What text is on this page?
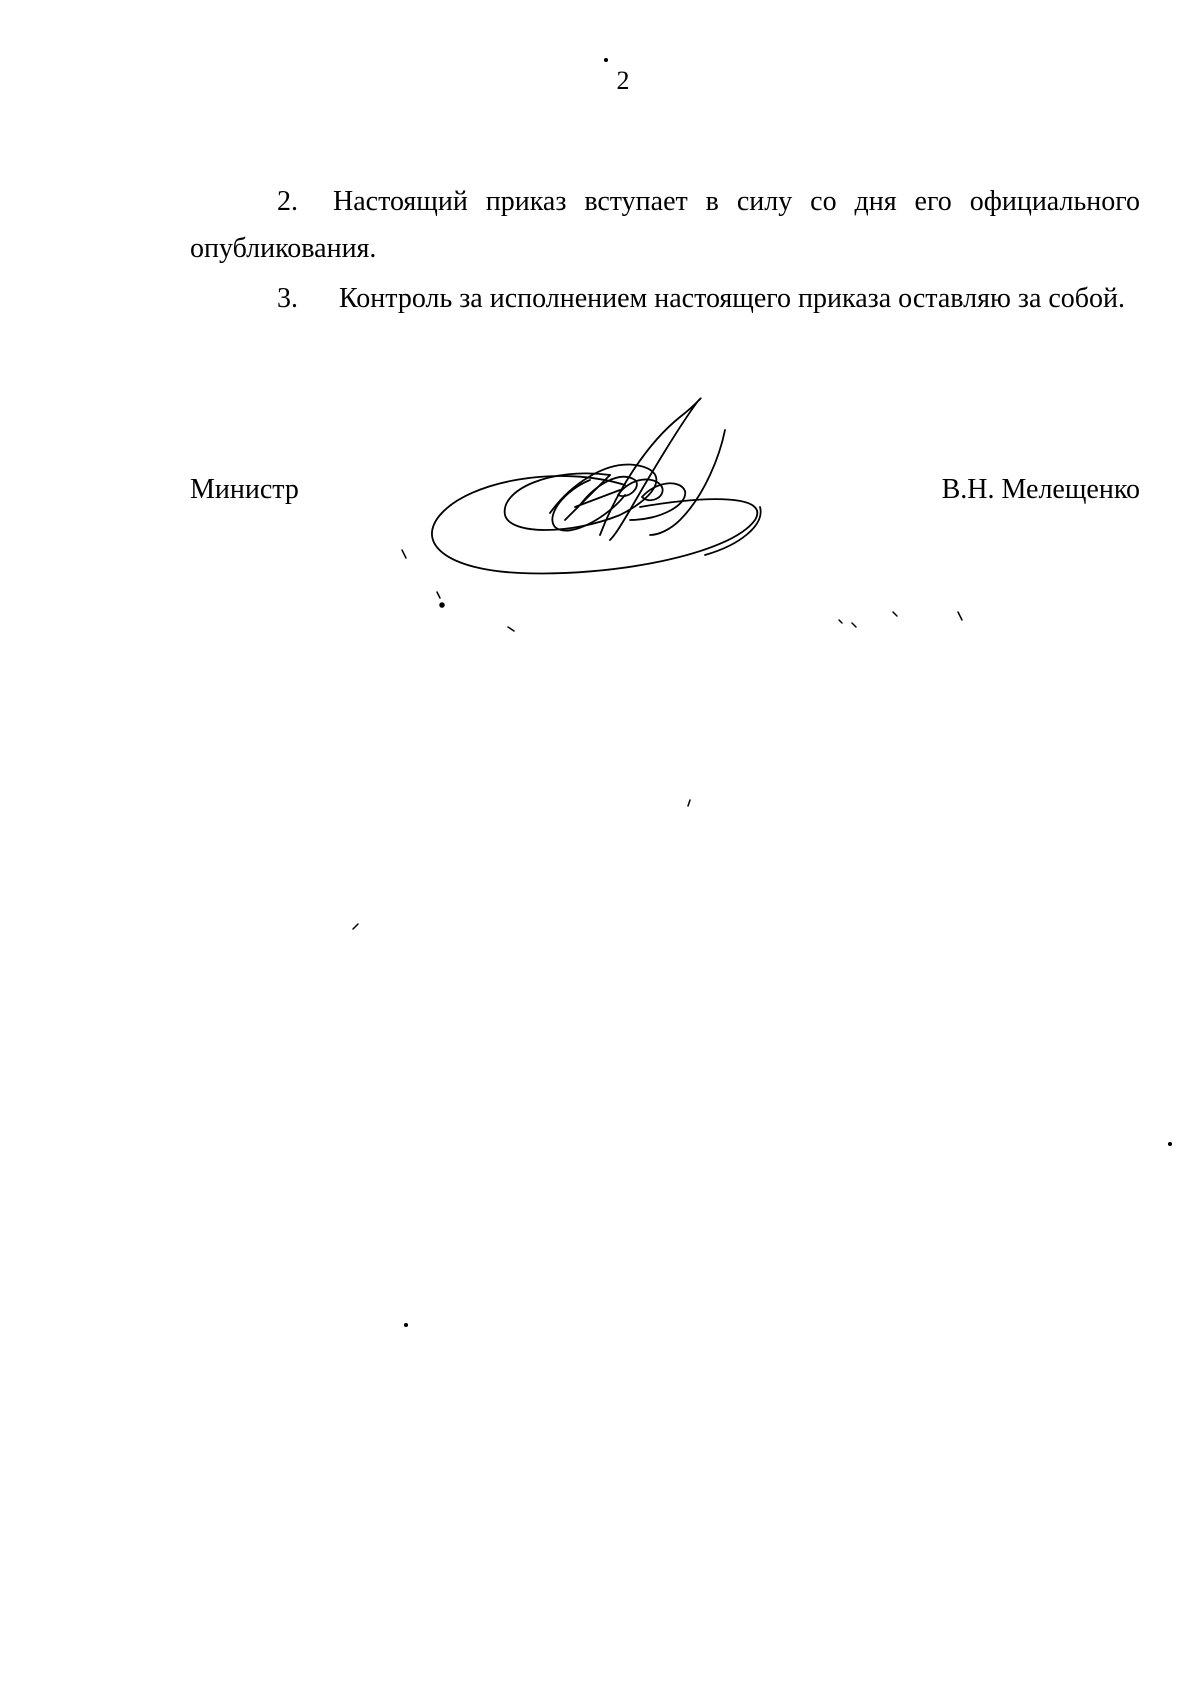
2
2. Настоящий приказ вступает в силу со дня его официального опубликования.
3. Контроль за исполнением настоящего приказа оставляю за собой.
Министр	В.Н. Мелещенко
